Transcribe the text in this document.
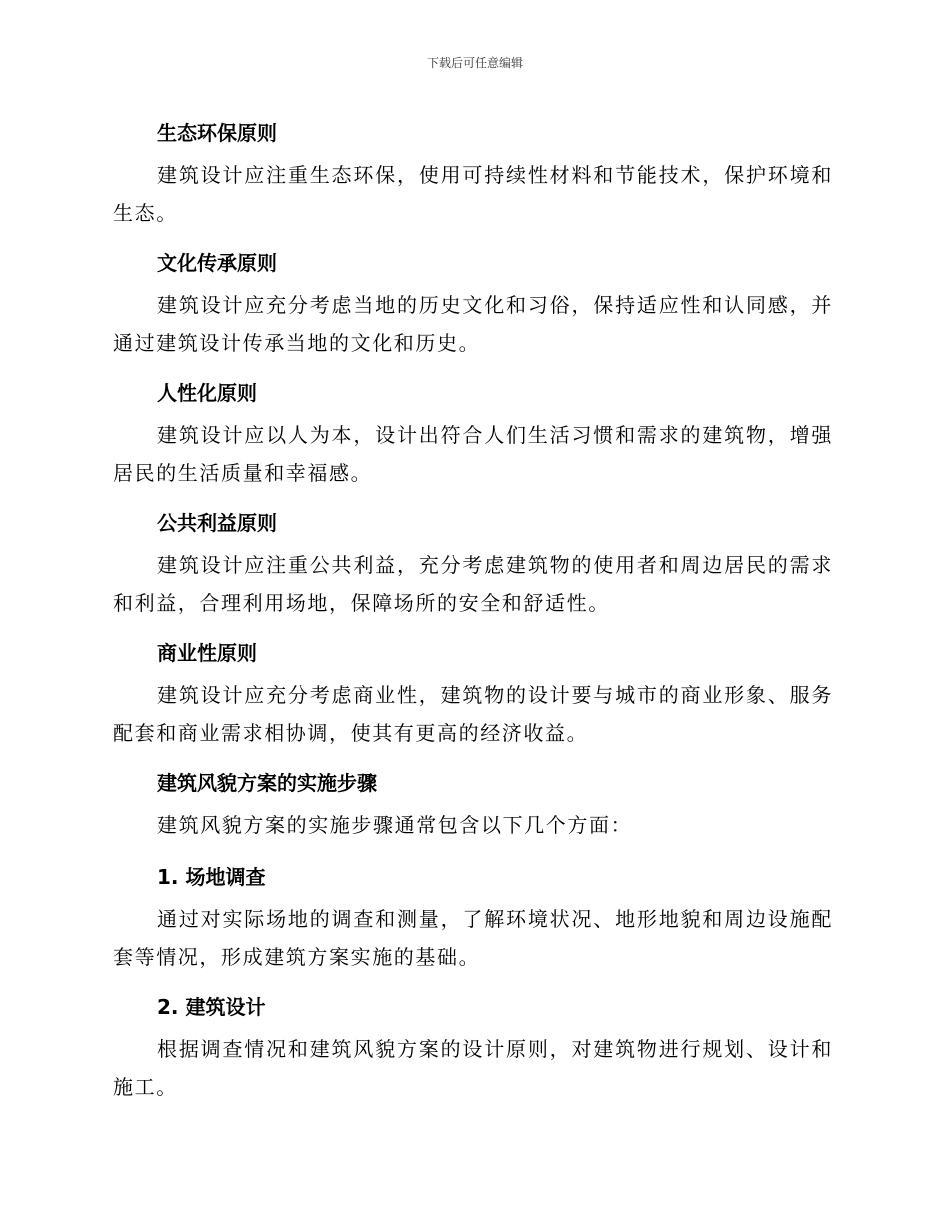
下载后可任意编辑
生态环保原则

建筑设计应注重生态环保，使用可持续性材料和节能技术，保护环境和生态。

文化传承原则

建筑设计应充分考虑当地的历史文化和习俗，保持适应性和认同感，并通过建筑设计传承当地的文化和历史。

人性化原则

建筑设计应以人为本，设计出符合人们生活习惯和需求的建筑物，增强居民的生活质量和幸福感。

公共利益原则

建筑设计应注重公共利益，充分考虑建筑物的使用者和周边居民的需求和利益，合理利用场地，保障场所的安全和舒适性。

商业性原则

建筑设计应充分考虑商业性，建筑物的设计要与城市的商业形象、服务配套和商业需求相协调，使其有更高的经济收益。

建筑风貌方案的实施步骤

建筑风貌方案的实施步骤通常包含以下几个方面：

1. 场地调查

通过对实际场地的调查和测量，了解环境状况、地形地貌和周边设施配套等情况，形成建筑方案实施的基础。

2. 建筑设计

根据调查情况和建筑风貌方案的设计原则，对建筑物进行规划、设计和施工。
